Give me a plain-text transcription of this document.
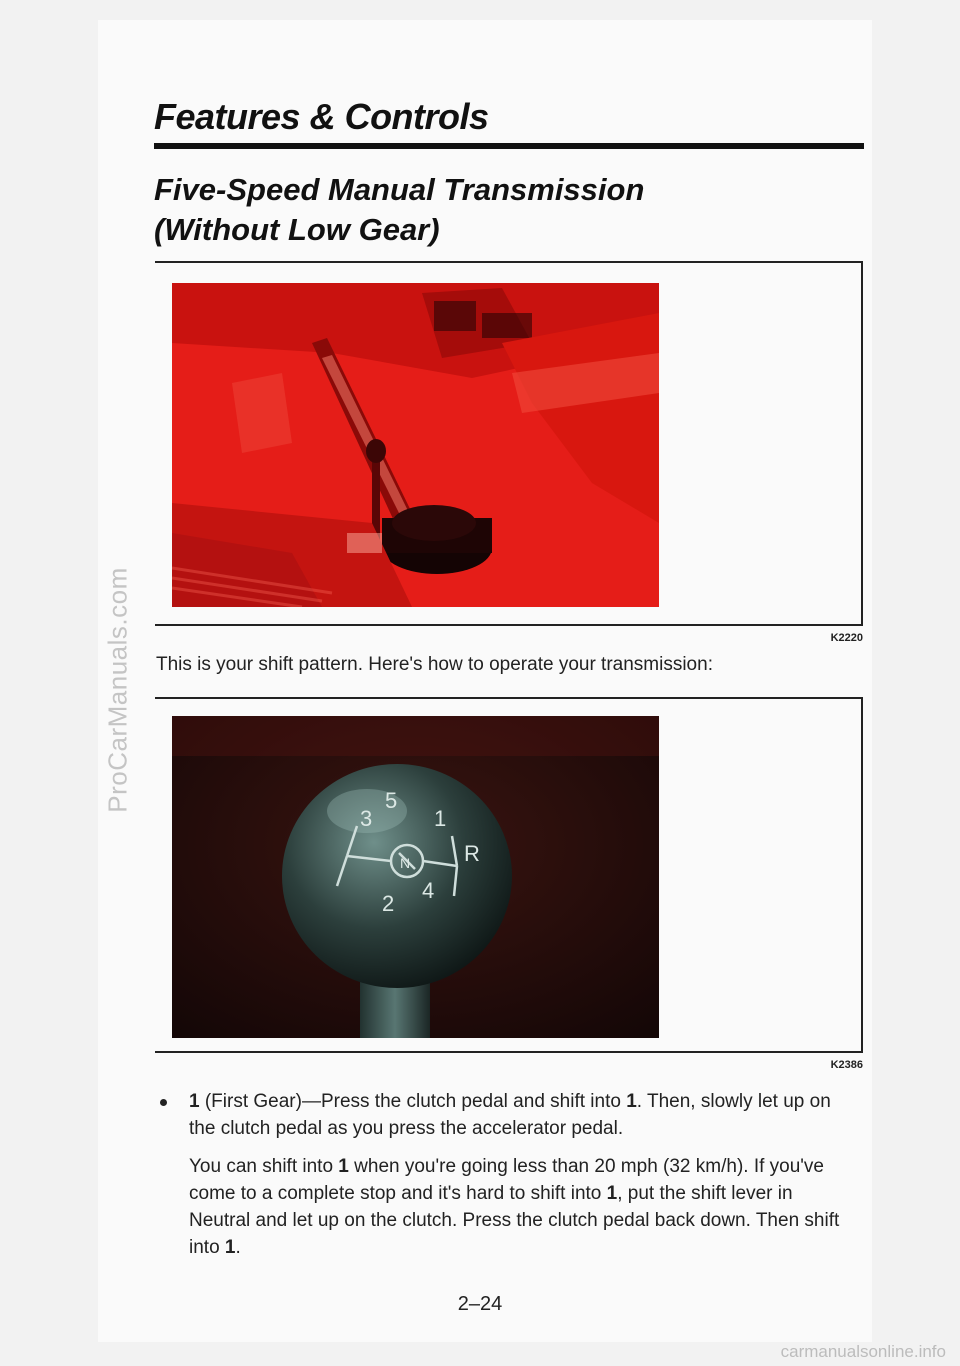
ProCarManuals.com
Features & Controls
Five-Speed Manual Transmission
(Without Low Gear)
K2220
This is your shift pattern. Here's how to operate your transmission:
3
5
N
1
R
2
4
K2386
1 (First Gear)—Press the clutch pedal and shift into 1. Then, slowly let up on the clutch pedal as you press the accelerator pedal.
You can shift into 1 when you're going less than 20 mph (32 km/h). If you've come to a complete stop and it's hard to shift into 1, put the shift lever in Neutral and let up on the clutch. Press the clutch pedal back down. Then shift into 1.
2–24
carmanualsonline.info
